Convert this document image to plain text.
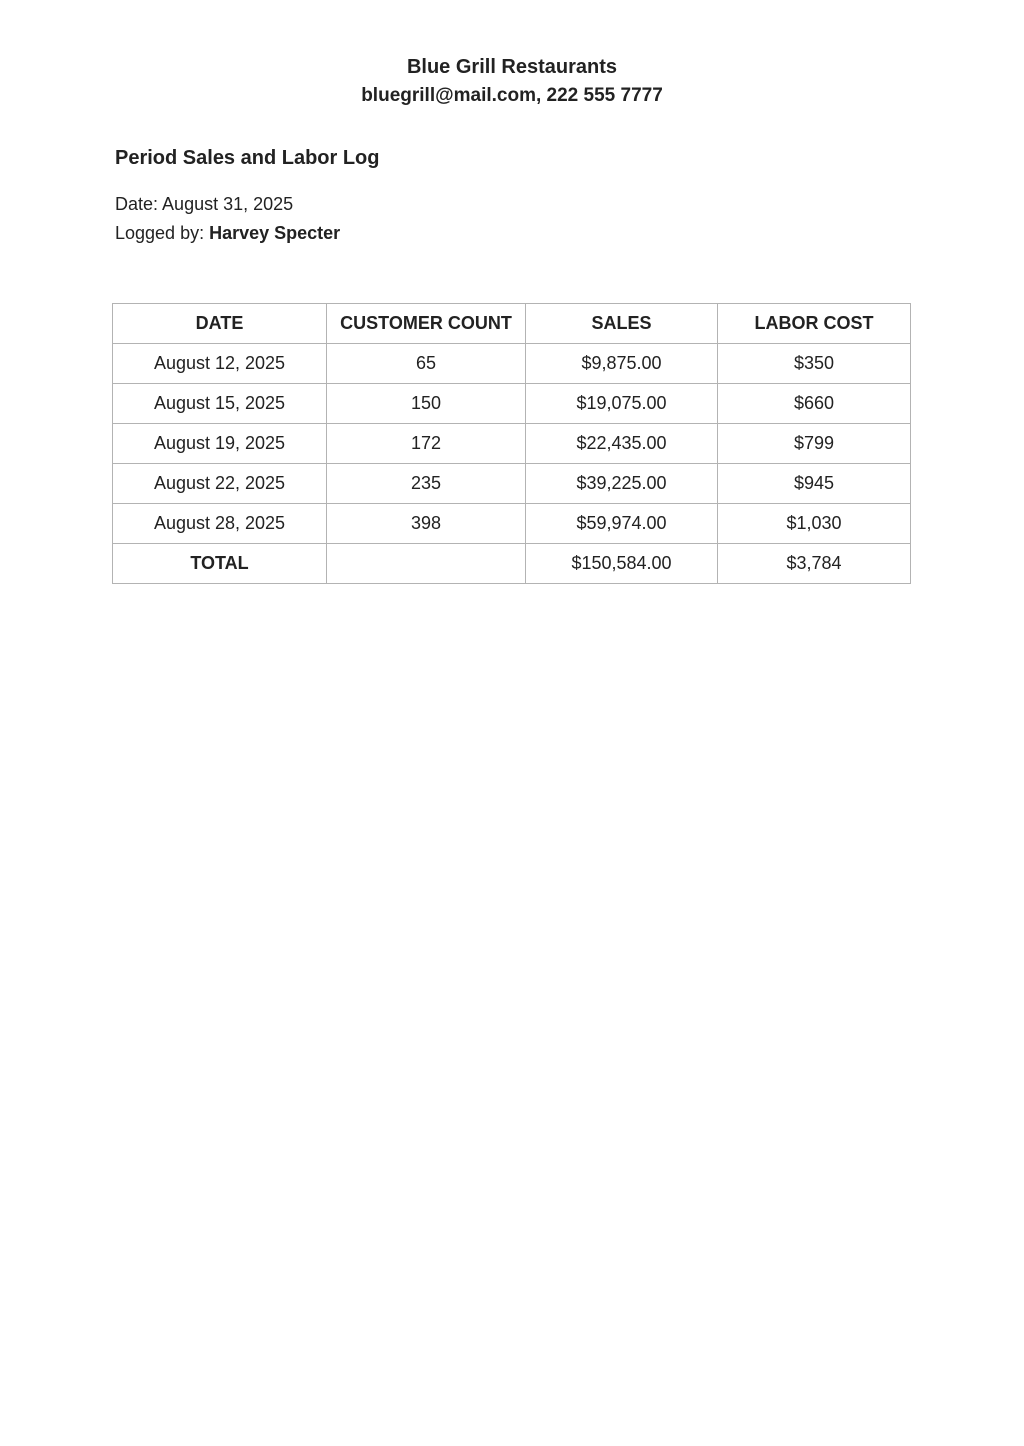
Blue Grill Restaurants

bluegrill@mail.com, 222 555 7777

Period Sales and Labor Log
Date: August 31, 2025
Logged by: Harvey Specter
DATE	CUSTOMER COUNT	SALES	LABOR COST
August 12, 2025	65	$9,875.00	$350
August 15, 2025	150	$19,075.00	$660
August 19, 2025	172	$22,435.00	$799
August 22, 2025	235	$39,225.00	$945
August 28, 2025	398	$59,974.00	$1,030
TOTAL		$150,584.00	$3,784
